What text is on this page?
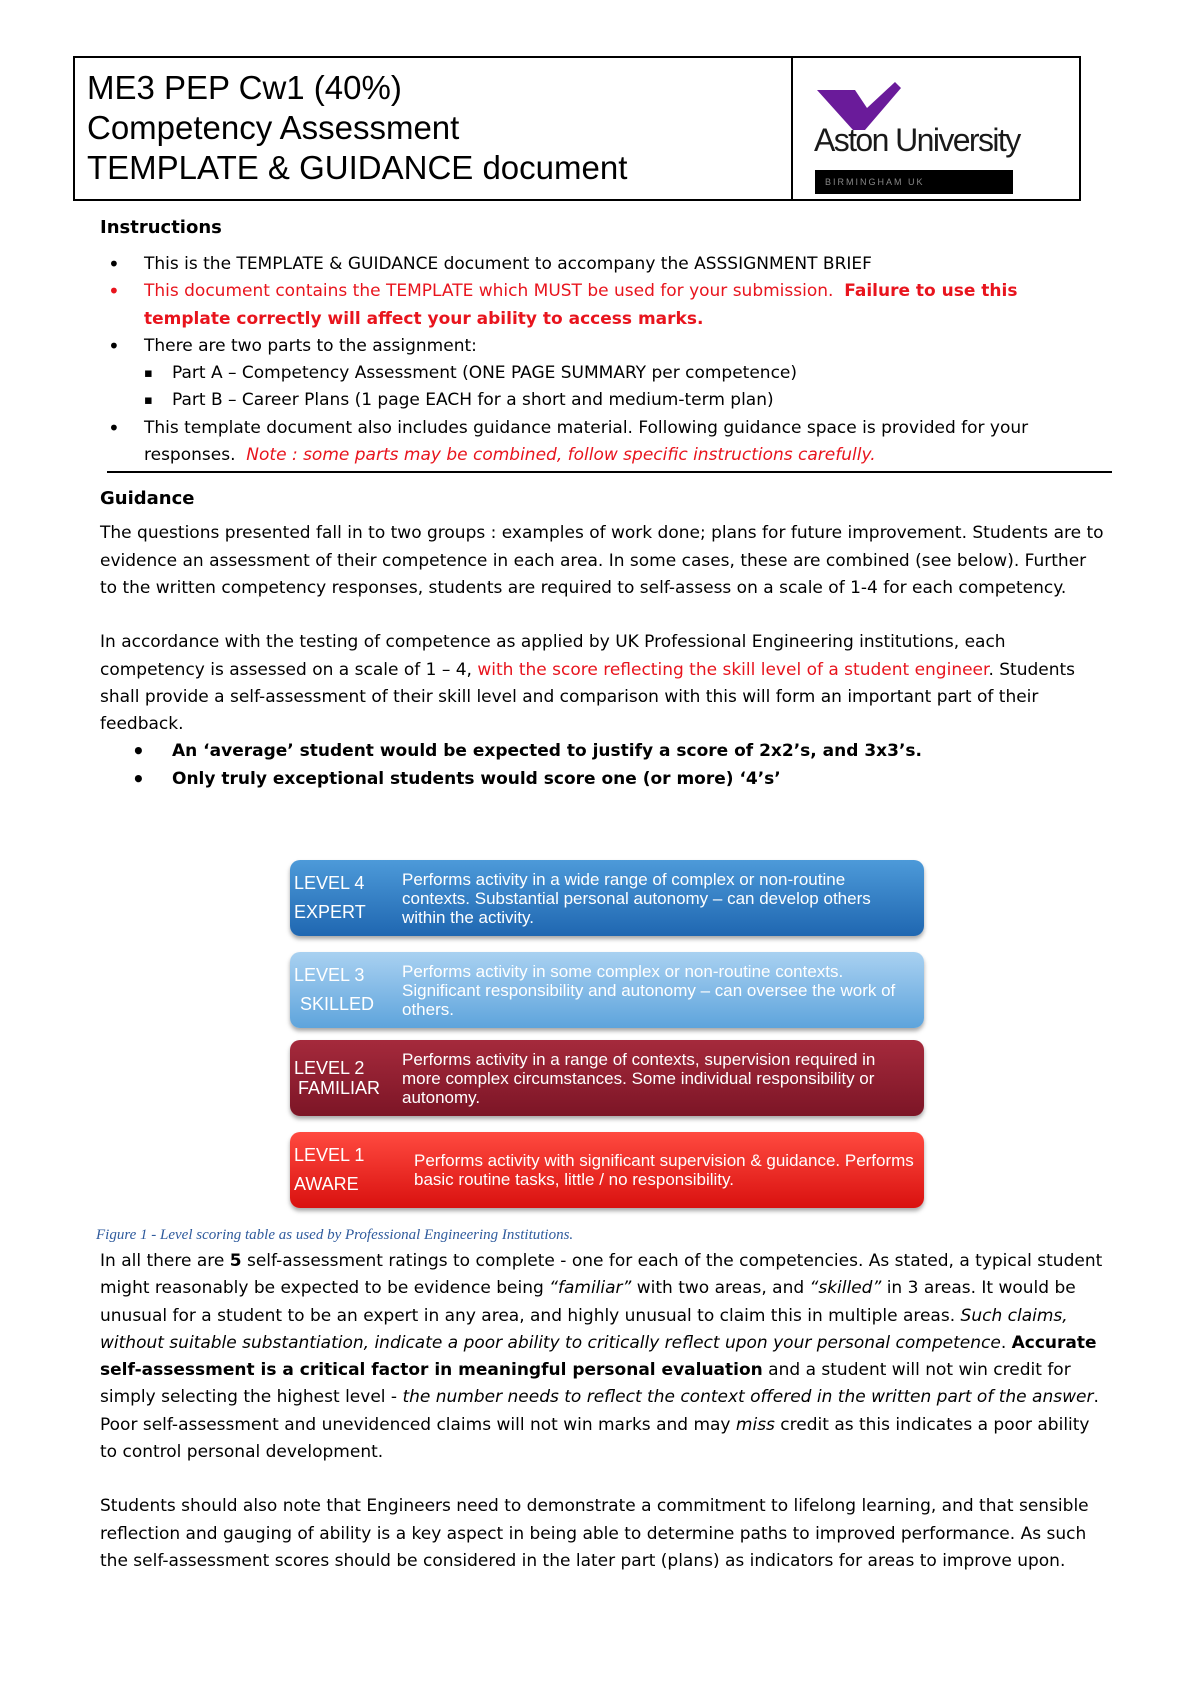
ME3 PEP Cw1 (40%)
Competency Assessment
TEMPLATE & GUIDANCE document
Aston University
BIRMINGHAM UK
Instructions
• This is the TEMPLATE & GUIDANCE document to accompany the ASSSIGNMENT BRIEF
• This document contains the TEMPLATE which MUST be used for your submission. Failure to use this template correctly will affect your ability to access marks.
• There are two parts to the assignment:
▪ Part A – Competency Assessment (ONE PAGE SUMMARY per competence)
▪ Part B – Career Plans (1 page EACH for a short and medium-term plan)
• This template document also includes guidance material. Following guidance space is provided for your responses. Note : some parts may be combined, follow specific instructions carefully.
Guidance

The questions presented fall in to two groups : examples of work done; plans for future improvement. Students are to evidence an assessment of their competence in each area. In some cases, these are combined (see below). Further to the written competency responses, students are required to self-assess on a scale of 1-4 for each competency.

In accordance with the testing of competence as applied by UK Professional Engineering institutions, each competency is assessed on a scale of 1 – 4, with the score reflecting the skill level of a student engineer. Students shall provide a self-assessment of their skill level and comparison with this will form an important part of their feedback.

• An ‘average’ student would be expected to justify a score of 2x2’s, and 3x3’s.
• Only truly exceptional students would score one (or more) ‘4’s’
LEVEL 4
EXPERT
Performs activity in a wide range of complex or non-routine contexts. Substantial personal autonomy – can develop others within the activity.
LEVEL 3
SKILLED
Performs activity in some complex or non-routine contexts. Significant responsibility and autonomy – can oversee the work of others.
LEVEL 2
FAMILIAR
Performs activity in a range of contexts, supervision required in more complex circumstances. Some individual responsibility or autonomy.
LEVEL 1
AWARE
Performs activity with significant supervision & guidance. Performs basic routine tasks, little / no responsibility.
Figure 1 - Level scoring table as used by Professional Engineering Institutions.

In all there are 5 self-assessment ratings to complete - one for each of the competencies. As stated, a typical student might reasonably be expected to be evidence being “familiar” with two areas, and “skilled” in 3 areas. It would be unusual for a student to be an expert in any area, and highly unusual to claim this in multiple areas. Such claims, without suitable substantiation, indicate a poor ability to critically reflect upon your personal competence. Accurate self-assessment is a critical factor in meaningful personal evaluation and a student will not win credit for simply selecting the highest level - the number needs to reflect the context offered in the written part of the answer. Poor self-assessment and unevidenced claims will not win marks and may miss credit as this indicates a poor ability to control personal development.

Students should also note that Engineers need to demonstrate a commitment to lifelong learning, and that sensible reflection and gauging of ability is a key aspect in being able to determine paths to improved performance. As such the self-assessment scores should be considered in the later part (plans) as indicators for areas to improve upon.
